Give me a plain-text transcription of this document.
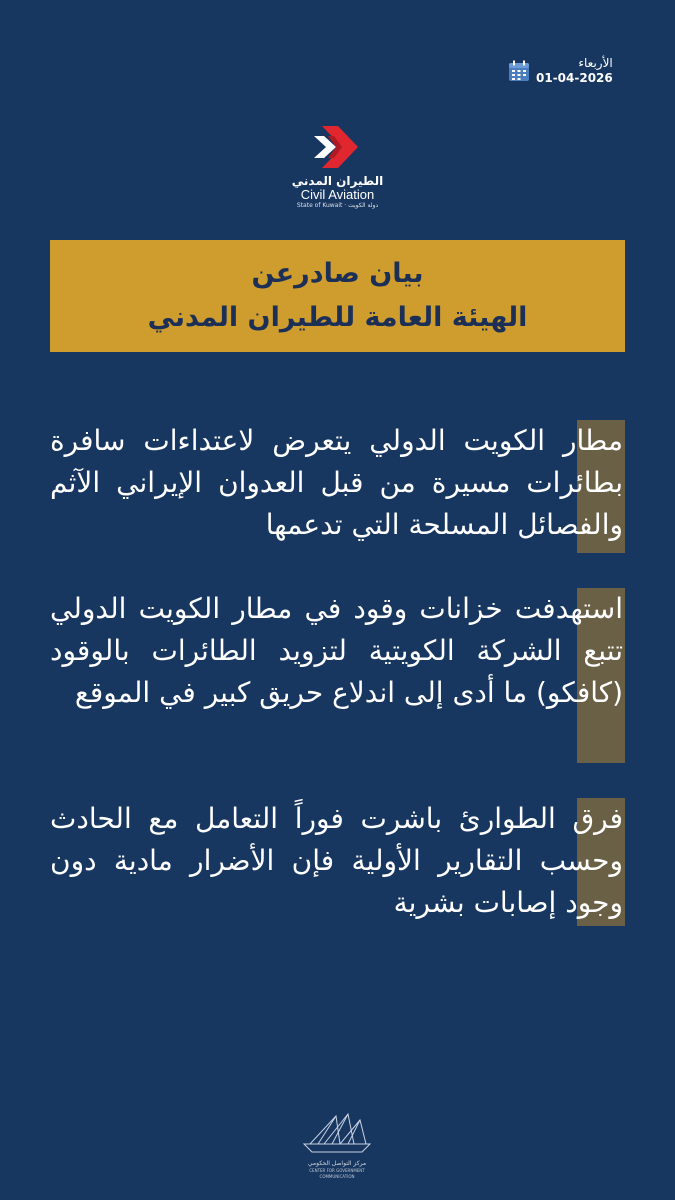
الأربعاء
01-04-2026
الطيران المدني
Civil Aviation
State of Kuwait · دولة الكويت
بيان صادرعن
الهيئة العامة للطيران المدني

مطار الكويت الدولي يتعرض لاعتداءات سافرة بطائرات مسيرة من قبل العدوان الإيراني الآثم والفصائل المسلحة التي تدعمها

استهدفت خزانات وقود في مطار الكويت الدولي تتبع الشركة الكويتية لتزويد الطائرات بالوقود (كافكو) ما أدى إلى اندلاع حريق كبير في الموقع

فرق الطوارئ باشرت فوراً التعامل مع الحادث وحسب التقارير الأولية فإن الأضرار مادية دون وجود إصابات بشرية

مركز التواصل الحكومي
CENTER FOR GOVERNMENT COMMUNICATION
